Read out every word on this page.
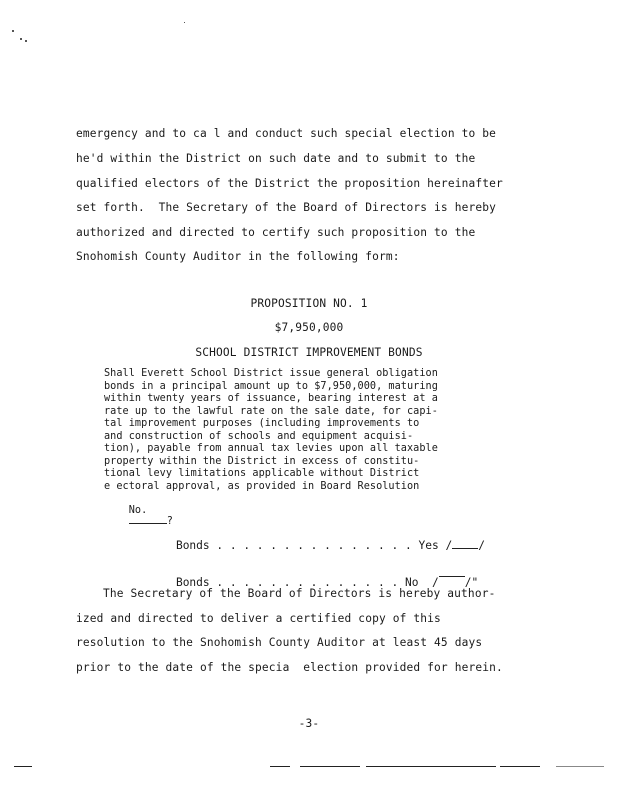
emergency and to ca l and conduct such special election to be
he'd within the District on such date and to submit to the
qualified electors of the District the proposition hereinafter
set forth.  The Secretary of the Board of Directors is hereby
authorized and directed to certify such proposition to the
Snohomish County Auditor in the following form:
PROPOSITION NO. 1
$7,950,000
SCHOOL DISTRICT IMPROVEMENT BONDS
Shall Everett School District issue general obligation
bonds in a principal amount up to $7,950,000, maturing
within twenty years of issuance, bearing interest at a
rate up to the lawful rate on the sale date, for capi-
tal improvement purposes (including improvements to
and construction of schools and equipment acquisi-
tion), payable from annual tax levies upon all taxable
property within the District in excess of constitu-
tional levy limitations applicable without District
e ectoral approval, as provided in Board Resolution

No.
?

Bonds . . . . . . . . . . . . . . . Yes / /

Bonds . . . . . . . . . . . . . . No / /"

The Secretary of the Board of Directors is hereby author-
ized and directed to deliver a certified copy of this
resolution to the Snohomish County Auditor at least 45 days
prior to the date of the specia  election provided for herein.
-3-
